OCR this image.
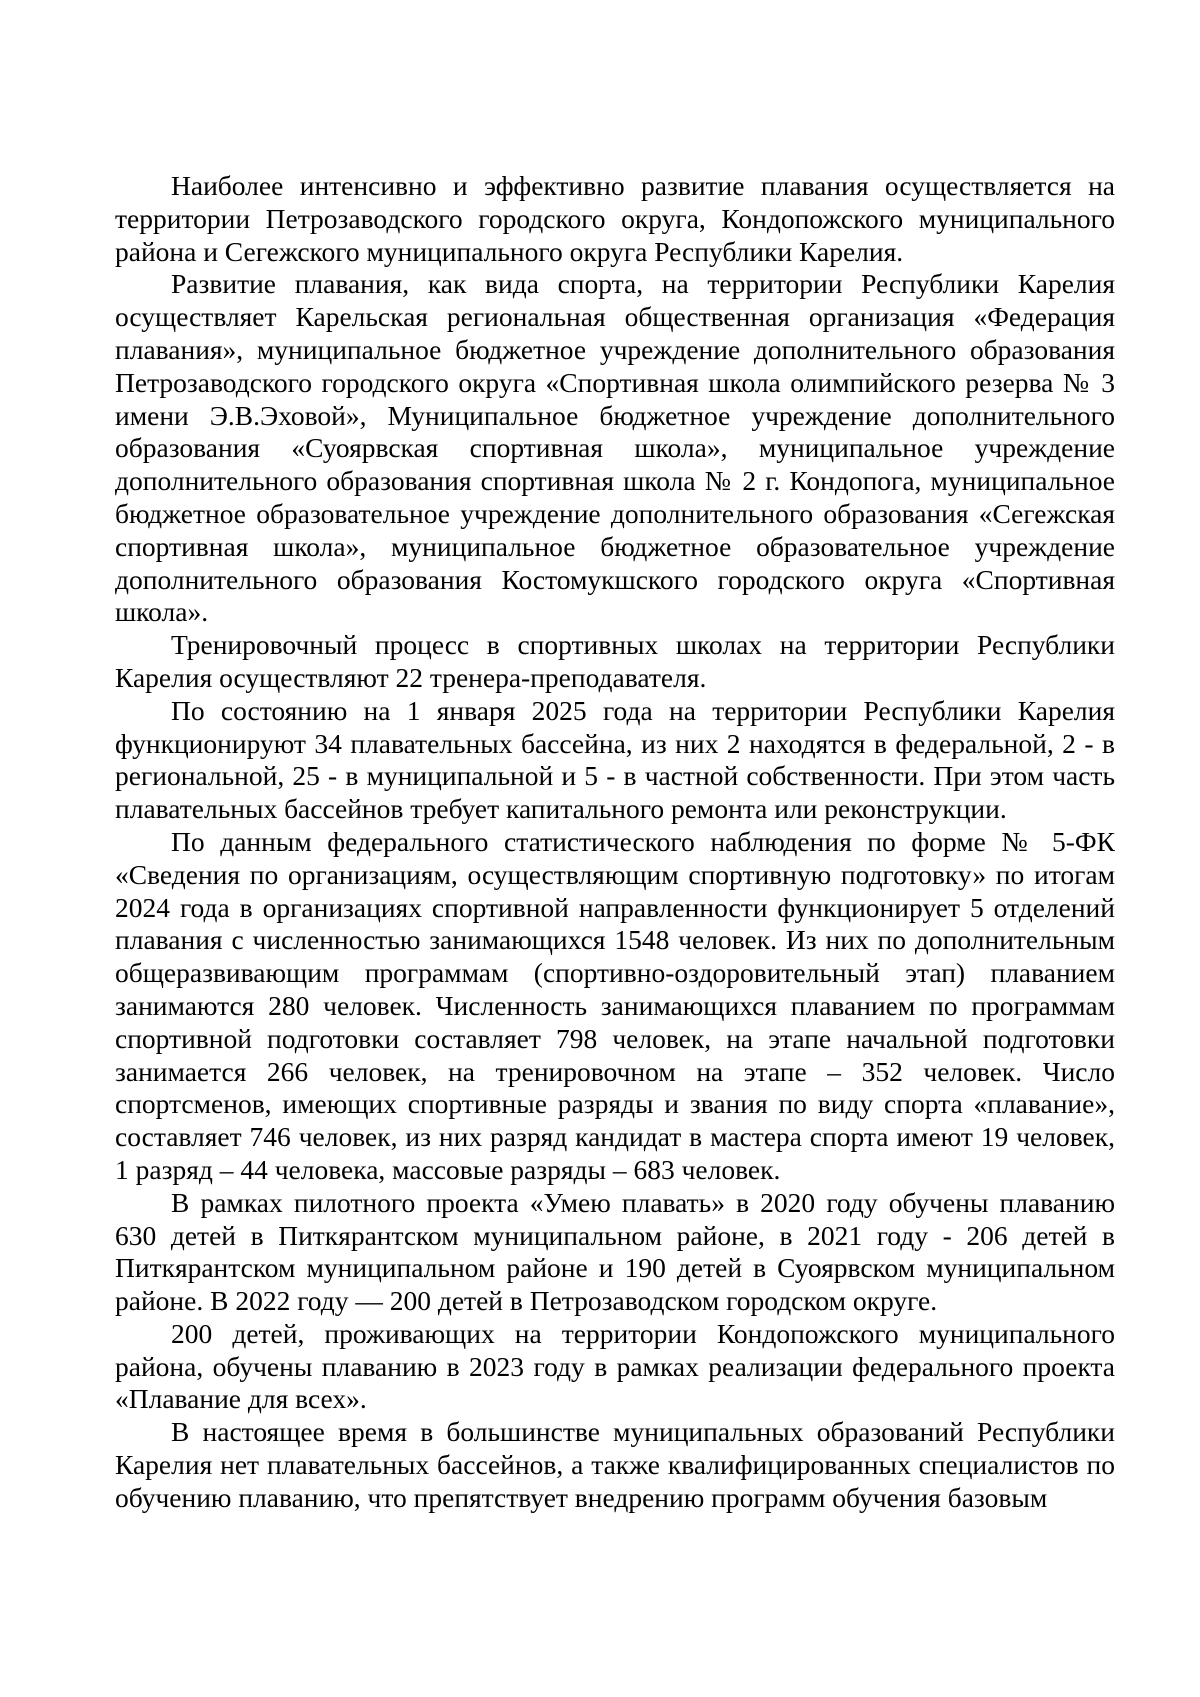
Наиболее интенсивно и эффективно развитие плавания осуществляется на территории Петрозаводского городского округа, Кондопожского муниципального района и Сегежского муниципального округа Республики Карелия.

Развитие плавания, как вида спорта, на территории Республики Карелия осуществляет Карельская региональная общественная организация «Федерация плавания», муниципальное бюджетное учреждение дополнительного образования Петрозаводского городского округа «Спортивная школа олимпийского резерва № 3 имени Э.В.Эховой», Муниципальное бюджетное учреждение дополнительного образования «Суоярвская спортивная школа», муниципальное учреждение дополнительного образования спортивная школа № 2 г. Кондопога, муниципальное бюджетное образовательное учреждение дополнительного образования «Сегежская спортивная школа», муниципальное бюджетное образовательное учреждение дополнительного образования Костомукшского городского округа «Спортивная школа».

Тренировочный процесс в спортивных школах на территории Республики Карелия осуществляют 22 тренера-преподавателя.

По состоянию на 1 января 2025 года на территории Республики Карелия функционируют 34 плавательных бассейна, из них 2 находятся в федеральной, 2 - в региональной, 25 - в муниципальной и 5 - в частной собственности. При этом часть плавательных бассейнов требует капитального ремонта или реконструкции.

По данным федерального статистического наблюдения по форме № 5-ФК «Сведения по организациям, осуществляющим спортивную подготовку» по итогам 2024 года в организациях спортивной направленности функционирует 5 отделений плавания с численностью занимающихся 1548 человек. Из них по дополнительным общеразвивающим программам (спортивно-оздоровительный этап) плаванием занимаются 280 человек. Численность занимающихся плаванием по программам спортивной подготовки составляет 798 человек, на этапе начальной подготовки занимается 266 человек, на тренировочном на этапе – 352 человек. Число спортсменов, имеющих спортивные разряды и звания по виду спорта «плавание», составляет 746 человек, из них разряд кандидат в мастера спорта имеют 19 человек, 1 разряд – 44 человека, массовые разряды – 683 человек.

В рамках пилотного проекта «Умею плавать» в 2020 году обучены плаванию 630 детей в Питкярантском муниципальном районе, в 2021 году - 206 детей в Питкярантском муниципальном районе и 190 детей в Суоярвском муниципальном районе. В 2022 году — 200 детей в Петрозаводском городском округе.

200 детей, проживающих на территории Кондопожского муниципального района, обучены плаванию в 2023 году в рамках реализации федерального проекта «Плавание для всех».

В настоящее время в большинстве муниципальных образований Республики Карелия нет плавательных бассейнов, а также квалифицированных специалистов по обучению плаванию, что препятствует внедрению программ обучения базовым
